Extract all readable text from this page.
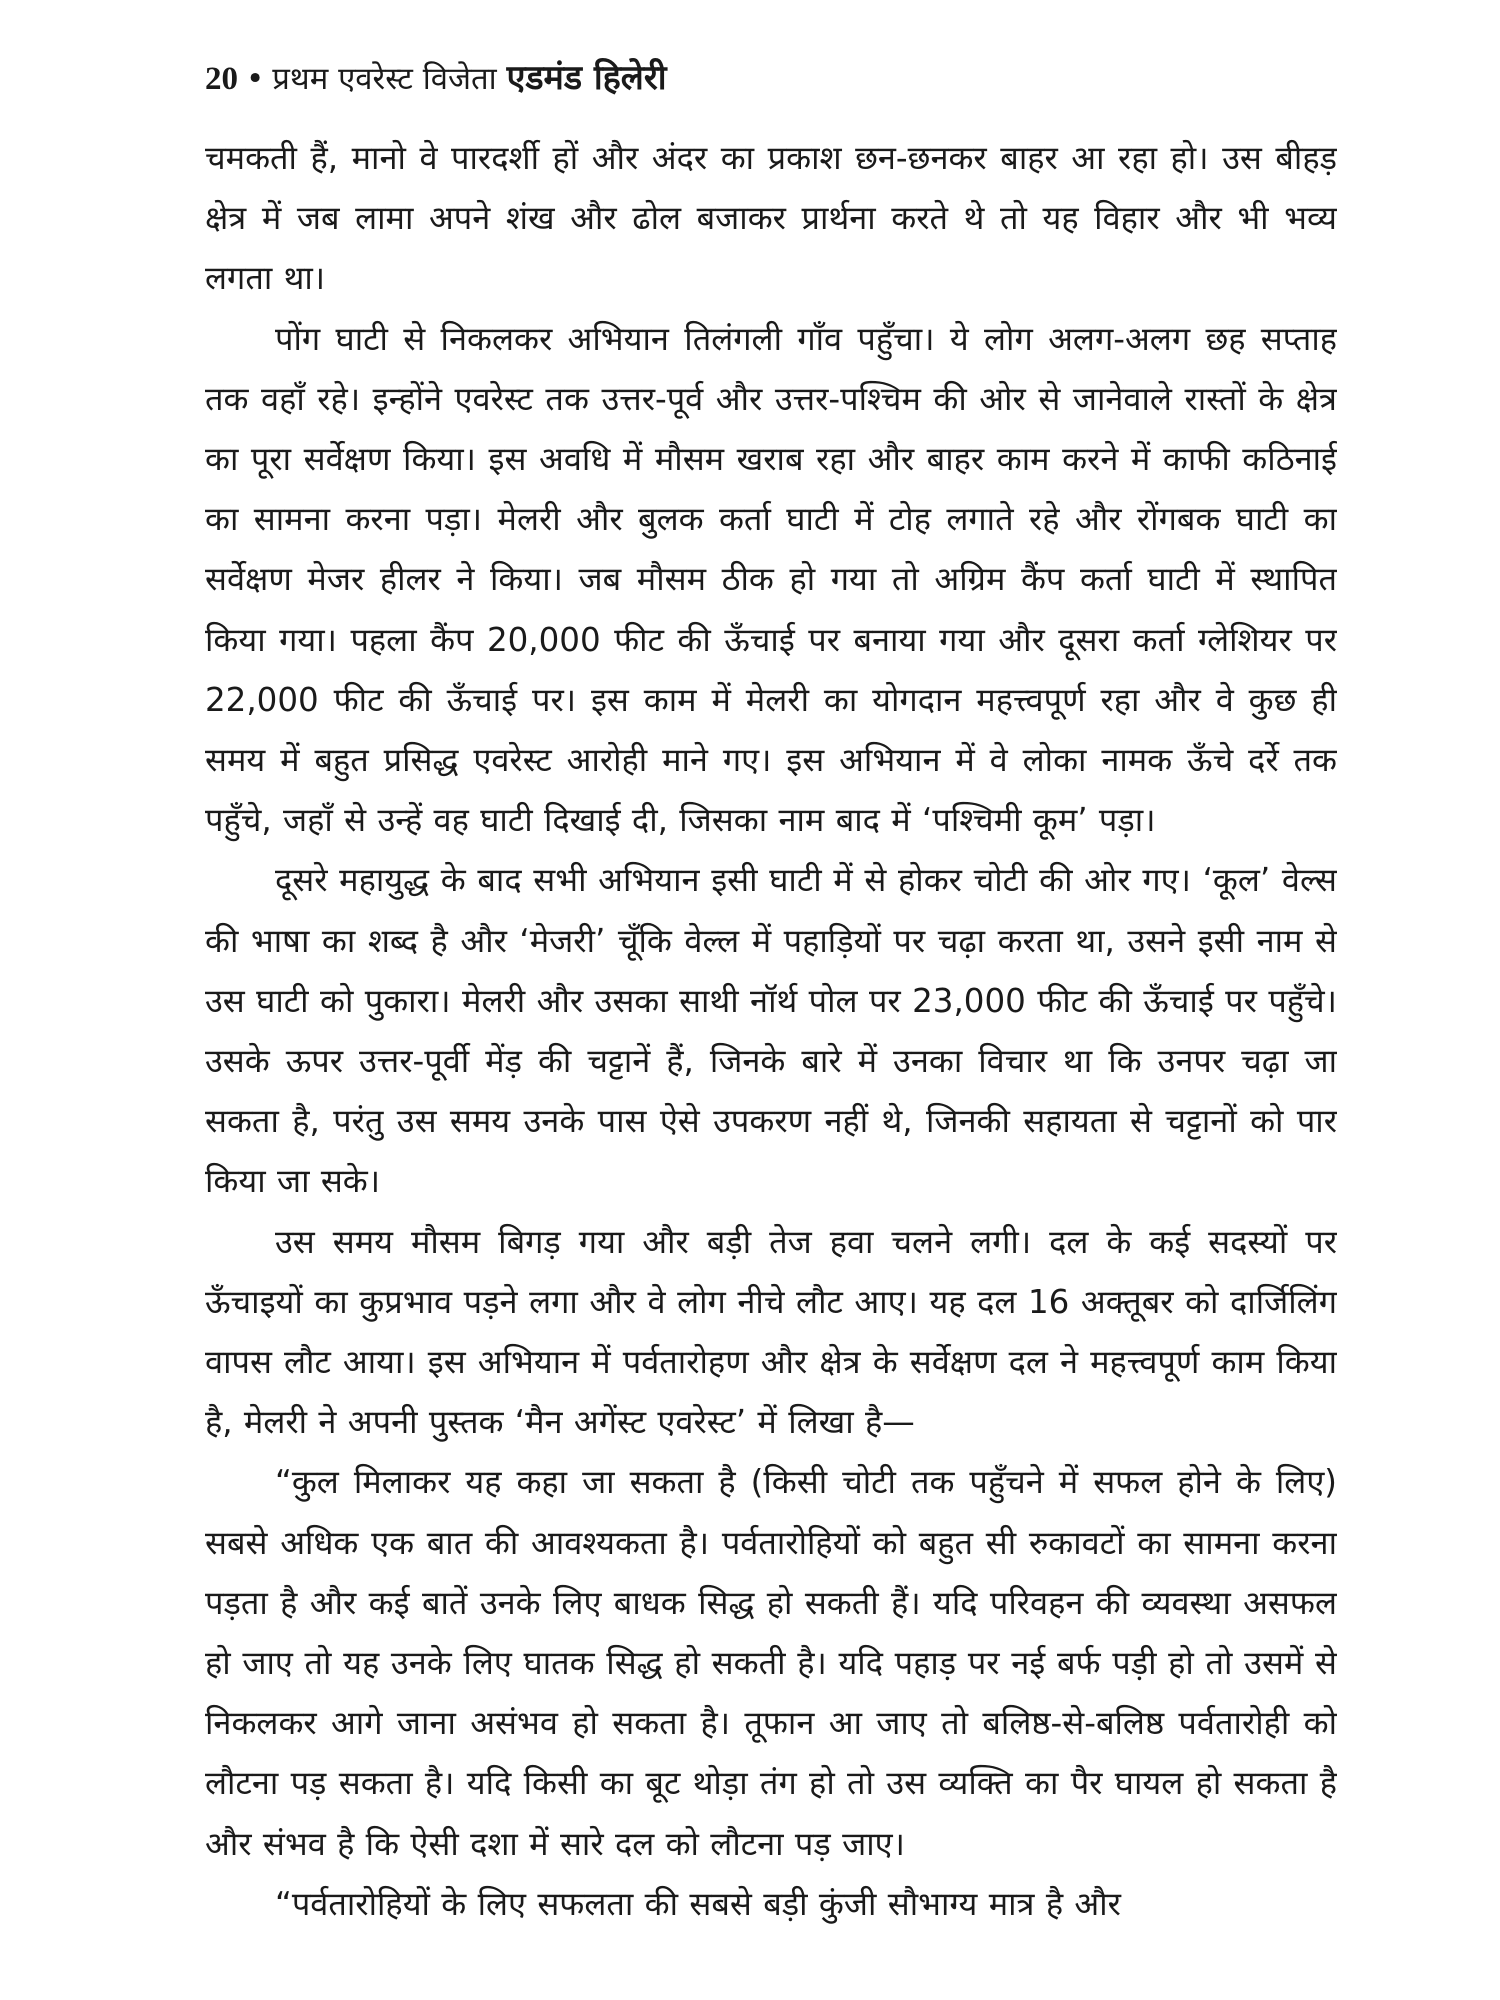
20 • प्रथम एवरेस्ट विजेता एडमंड हिलेरी

चमकती हैं, मानो वे पारदर्शी हों और अंदर का प्रकाश छन-छनकर बाहर आ रहा हो। उस बीहड़ क्षेत्र में जब लामा अपने शंख और ढोल बजाकर प्रार्थना करते थे तो यह विहार और भी भव्य लगता था।

पोंग घाटी से निकलकर अभियान तिलंगली गाँव पहुँचा। ये लोग अलग-अलग छह सप्ताह तक वहाँ रहे। इन्होंने एवरेस्ट तक उत्तर-पूर्व और उत्तर-पश्चिम की ओर से जानेवाले रास्तों के क्षेत्र का पूरा सर्वेक्षण किया। इस अवधि में मौसम खराब रहा और बाहर काम करने में काफी कठिनाई का सामना करना पड़ा। मेलरी और बुलक कर्ता घाटी में टोह लगाते रहे और रोंगबक घाटी का सर्वेक्षण मेजर हीलर ने किया। जब मौसम ठीक हो गया तो अग्रिम कैंप कर्ता घाटी में स्थापित किया गया। पहला कैंप 20,000 फीट की ऊँचाई पर बनाया गया और दूसरा कर्ता ग्लेशियर पर 22,000 फीट की ऊँचाई पर। इस काम में मेलरी का योगदान महत्त्वपूर्ण रहा और वे कुछ ही समय में बहुत प्रसिद्ध एवरेस्ट आरोही माने गए। इस अभियान में वे लोका नामक ऊँचे दर्रे तक पहुँचे, जहाँ से उन्हें वह घाटी दिखाई दी, जिसका नाम बाद में ‘पश्चिमी कूम’ पड़ा।

दूसरे महायुद्ध के बाद सभी अभियान इसी घाटी में से होकर चोटी की ओर गए। ‘कूल’ वेल्स की भाषा का शब्द है और ‘मेजरी’ चूँकि वेल्ल में पहाड़ियों पर चढ़ा करता था, उसने इसी नाम से उस घाटी को पुकारा। मेलरी और उसका साथी नॉर्थ पोल पर 23,000 फीट की ऊँचाई पर पहुँचे। उसके ऊपर उत्तर-पूर्वी मेंड़ की चट्टानें हैं, जिनके बारे में उनका विचार था कि उनपर चढ़ा जा सकता है, परंतु उस समय उनके पास ऐसे उपकरण नहीं थे, जिनकी सहायता से चट्टानों को पार किया जा सके।

उस समय मौसम बिगड़ गया और बड़ी तेज हवा चलने लगी। दल के कई सदस्यों पर ऊँचाइयों का कुप्रभाव पड़ने लगा और वे लोग नीचे लौट आए। यह दल 16 अक्तूबर को दार्जिलिंग वापस लौट आया। इस अभियान में पर्वतारोहण और क्षेत्र के सर्वेक्षण दल ने महत्त्वपूर्ण काम किया है, मेलरी ने अपनी पुस्तक ‘मैन अगेंस्ट एवरेस्ट’ में लिखा है—

“कुल मिलाकर यह कहा जा सकता है (किसी चोटी तक पहुँचने में सफल होने के लिए) सबसे अधिक एक बात की आवश्यकता है। पर्वतारोहियों को बहुत सी रुकावटों का सामना करना पड़ता है और कई बातें उनके लिए बाधक सिद्ध हो सकती हैं। यदि परिवहन की व्यवस्था असफल हो जाए तो यह उनके लिए घातक सिद्ध हो सकती है। यदि पहाड़ पर नई बर्फ पड़ी हो तो उसमें से निकलकर आगे जाना असंभव हो सकता है। तूफान आ जाए तो बलिष्ठ-से-बलिष्ठ पर्वतारोही को लौटना पड़ सकता है। यदि किसी का बूट थोड़ा तंग हो तो उस व्यक्ति का पैर घायल हो सकता है और संभव है कि ऐसी दशा में सारे दल को लौटना पड़ जाए।

“पर्वतारोहियों के लिए सफलता की सबसे बड़ी कुंजी सौभाग्य मात्र है और
